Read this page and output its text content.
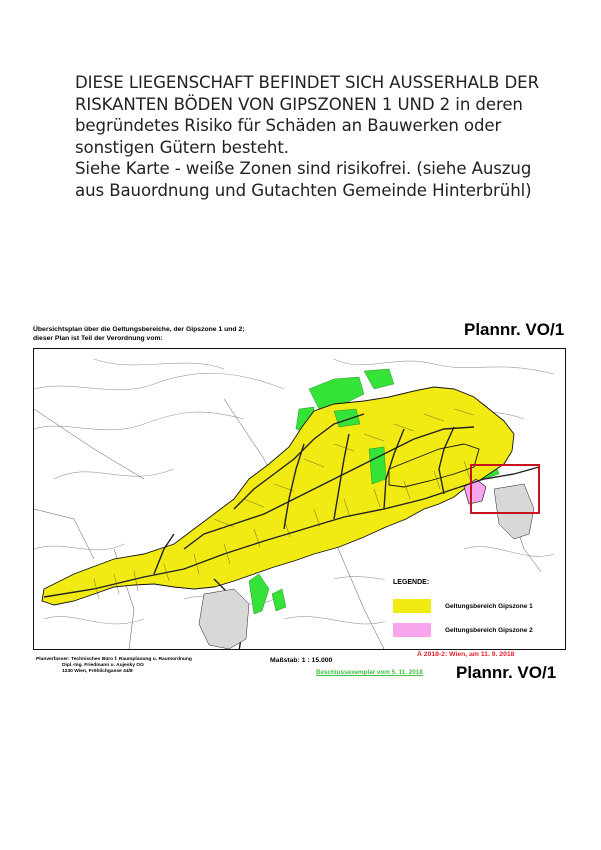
DIESE LIEGENSCHAFT BEFINDET SICH AUSSERHALB DER
RISKANTEN BÖDEN VON GIPSZONEN 1 UND 2 in deren
begründetes Risiko für Schäden an Bauwerken oder
sonstigen Gütern besteht.
Siehe Karte - weiße Zonen sind risikofrei. (siehe Auszug
aus Bauordnung und Gutachten Gemeinde Hinterbrühl)
Übersichtsplan über die Geltungsbereiche, der Gipszone 1 und 2;
dieser Plan ist Teil der Verordnung vom:	Plannr. VO/1
LEGENDE:
Geltungsbereich Gipszone 1
Geltungsbereich Gipszone 2
Planverfasser: Technisches Büro f. Raumplanung u. Raumordnung
Dipl.-Ing. Friedmann u. Aujesky OG
1230 Wien, Fröhlichgasse 44/8
Maßstab: 1 : 15.000
Ä 2018-2: Wien, am 11. 9. 2018
Beschlussexemplar vom 5. 11. 2018 Plannr. VO/1
